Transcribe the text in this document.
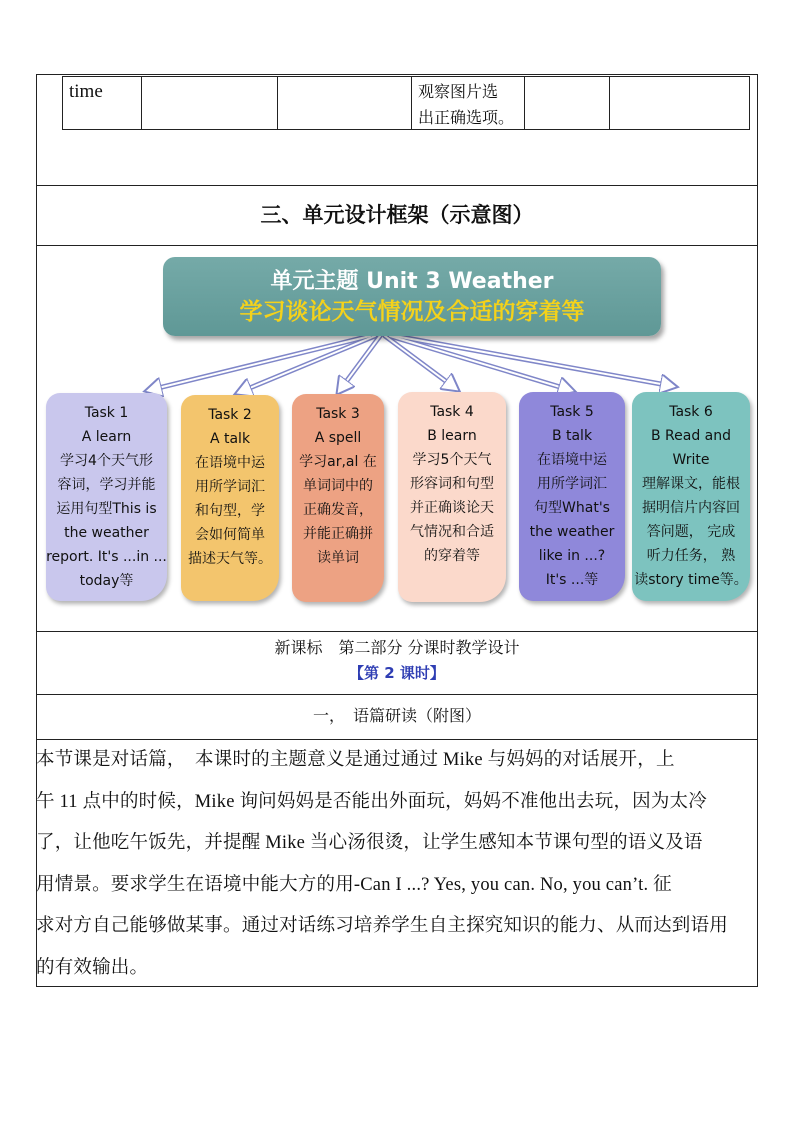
time	观察图片选
出正确选项。
三、单元设计框架（示意图）
单元主题 Unit 3 Weather
学习谈论天气情况及合适的穿着等
Task 1
A learn
学习4个天气形
容词，学习并能
运用句型This is
the weather
report. It's ...in ...
today等
Task 2
A talk
在语境中运
用所学词汇
和句型，学
会如何简单
描述天气等。
Task 3
A spell
学习ar,al 在
单词词中的
正确发音，
并能正确拼
读单词
Task 4
B learn
学习5个天气
形容词和句型
并正确谈论天
气情况和合适
的穿着等
Task 5
B talk
在语境中运
用所学词汇
句型What's
the weather
like in ...?
It's ...等
Task 6
B Read and
Write
理解课文，能根
据明信片内容回
答问题， 完成
听力任务， 熟
读story time等。
新课标　第二部分 分课时教学设计
【第 2 课时】
一，　语篇研读（附图）
本节课是对话篇，　本课时的主题意义是通过通过 Mike 与妈妈的对话展开，上
午 11 点中的时候，Mike 询问妈妈是否能出外面玩，妈妈不准他出去玩，因为太冷
了，让他吃午饭先，并提醒 Mike 当心汤很烫，让学生感知本节课句型的语义及语
用情景。要求学生在语境中能大方的用-Can I ...? Yes, you can. No, you can’t. 征
求对方自己能够做某事。通过对话练习培养学生自主探究知识的能力、从而达到语用
的有效输出。
